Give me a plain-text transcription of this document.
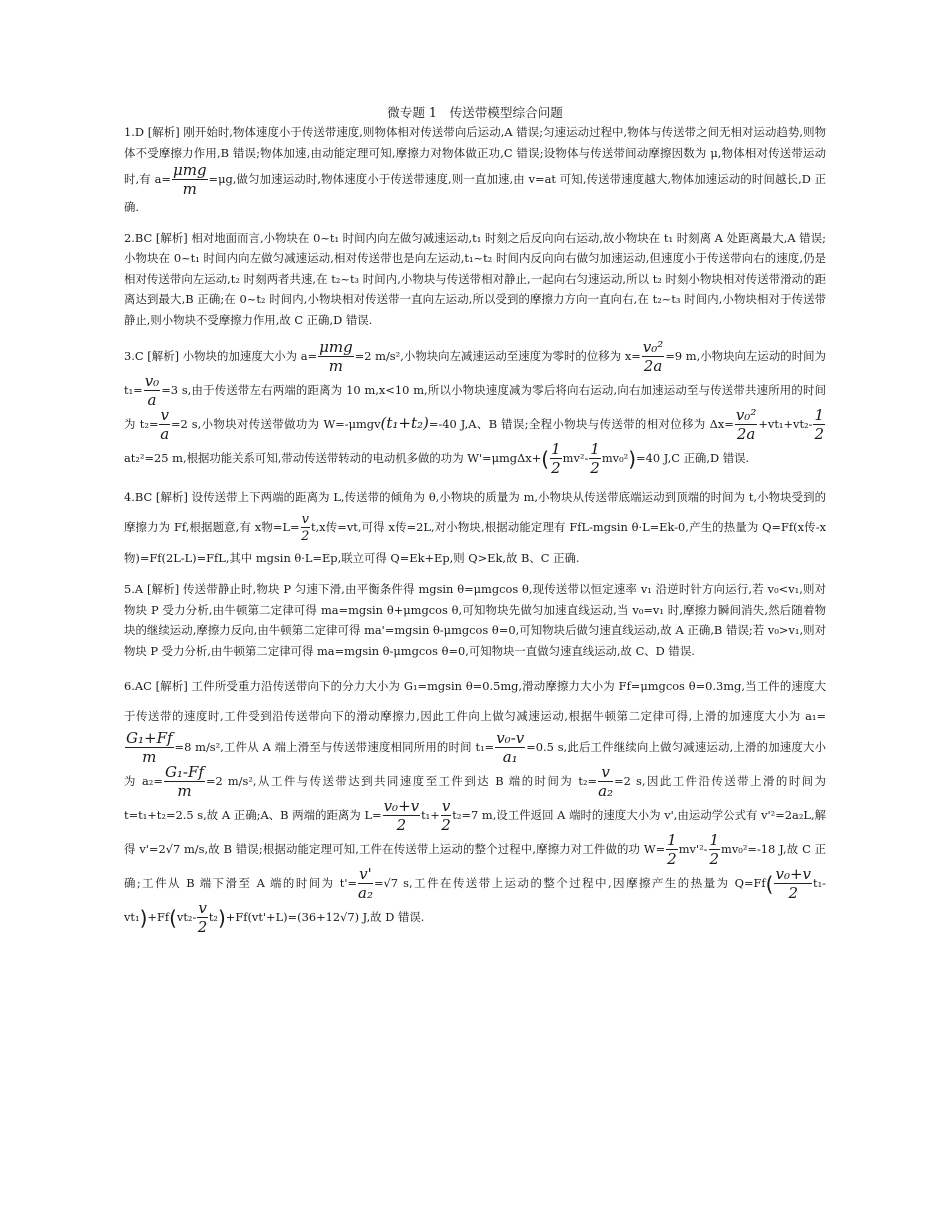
微专题 1　传送带模型综合问题
1.D [解析] 刚开始时,物体速度小于传送带速度,则物体相对传送带向后运动,A 错误;匀速运动过程中,物体与传送带之间无相对运动趋势,则物体不受摩擦力作用,B 错误;物体加速,由动能定理可知,摩擦力对物体做正功,C 错误;设物体与传送带间动摩擦因数为 μ,物体相对传送带运动时,有 $a= \frac{\text{μmg}}{m} =\mu g$,做匀加速运动时,物体速度小于传送带速度,则一直加速,由 v=at 可知,传送带速度越大,物体加速运动的时间越长,D 正确.
2.BC [解析] 相对地面而言,小物块在 0~t₁ 时间内向左做匀减速运动,t₁ 时刻之后反向向右运动,故小物块在 t₁ 时刻离 A 处距离最大,A 错误;小物块在 0~t₁ 时间内向左做匀减速运动,相对传送带也是向左运动,t₁~t₂ 时间内反向向右做匀加速运动,但速度小于传送带向右的速度,仍是相对传送带向左运动,t₂ 时刻两者共速,在 t₂~t₃ 时间内,小物块与传送带相对静止,一起向右匀速运动,所以 t₂ 时刻小物块相对传送带滑动的距离达到最大,B 正确;在 0~t₂ 时间内,小物块相对传送带一直向左运动,所以受到的摩擦力方向一直向右,在 t₂~t₃ 时间内,小物块相对于传送带静止,则小物块不受摩擦力作用,故 C 正确,D 错误.
3.C [解析] 小物块的加速度大小为 $a= \frac{\text{μmg}}{m} =2$ m/s²,小物块向左减速运动至速度为零时的位移为 $x= \frac{\text{v₀²}}{2a} =9$ m,小物块向左运动的时间为 $t_1= \frac{\text{v₀}}{a} =3$ s,由于传送带左右两端的距离为 10 m,x<10 m,所以小物块速度减为零后将向右运动,向右加速运动至与传送带共速所用的时间为 $t_2= \frac{v}{a} =2$ s,小物块对传送带做功为 W=-μmgv(t₁+t₂)=-40 J,A、B 错误;全程小物块与传送带的相对位移为 $\Delta x= \frac{\text{v₀²}}{2a} +vt_1+vt_2- \frac{1}{2}$
at₂²=25 m,根据功能关系可知,带动传送带转动的电动机多做的功为 $W'=\mu mg\Delta x+( \frac{1}{2} mv^2- \frac{1}{2} mv_0^2)=40$ J,C 正确,D 错误.
4.BC [解析] 设传送带上下两端的距离为 L,传送带的倾角为 θ,小物块的质量为 m,小物块从传送带底端运动到顶端的时间为 t,小物块受到的摩擦力为 Ff,根据题意,有 x物$=L= \frac{v}{2} t,x$传=vt,可得 x传=2L,对小物块,根据动能定理有 FfL-mgsin θ·L=Ek-0,产生的热量为 Q=Ff(x传-x物)=Ff(2L-L)=FfL,其中 mgsin θ·L=Ep,联立可得 Q=Ek+Ep,则 Q>Ek,故 B、C 正确.
5.A [解析] 传送带静止时,物块 P 匀速下滑,由平衡条件得 mgsin θ=μmgcos θ,现传送带以恒定速率 v₁ 沿逆时针方向运行,若 v₀<v₁,则对物块 P 受力分析,由牛顿第二定律可得 ma=mgsin θ+μmgcos θ,可知物块先做匀加速直线运动,当 v₀=v₁ 时,摩擦力瞬间消失,然后随着物块的继续运动,摩擦力反向,由牛顿第二定律可得 ma'=mgsin θ-μmgcos θ=0,可知物块后做匀速直线运动,故 A 正确,B 错误;若 v₀>v₁,则对物块 P 受力分析,由牛顿第二定律可得 ma=mgsin θ-μmgcos θ=0,可知物块一直做匀速直线运动,故 C、D 错误.
6.AC [解析] 工件所受重力沿传送带向下的分力大小为 G₁=mgsin θ=0.5mg,滑动摩擦力大小为 Ff=μmgcos θ=0.3mg,当工件的速度大于传送带的速度时,工件受到沿传送带向下的滑动摩擦力,因此工件向上做匀减速运动,根据牛顿第二定律可得,上滑的加速度大小为 a₁=
$\frac{\text{G₁+Ff}}{m} =8$ m/s²,工件从 A 端上滑至与传送带速度相同所用的时间 $t_1= \frac{\text{v₀-v}}{\text{a₁}} =0.5$ s,此后工件继续向上做匀减速运动,上滑的加速度大小为 $a_2= \frac{\text{G₁-Ff}}{m} =2$ m/s²,从工件与传送带达到共同速度至工件到达 B 端的时间为 $t_2= \frac{v}{\text{a₂}} =2$ s,因此工件沿传送带上滑的时间为 t=t₁+t₂=2.5 s,故 A 正确;A、B 两端的距离为 $L= \frac{\text{v₀+v}}{2} t_1+ \frac{v}{2} t_2=7$ m,设工件返回 A 端时的速度大小为 v',由运动学公式有 v'²=2a₂L,解得 v'=2√7 m/s,故 B 错误;根据动能定理可知,工件在传送带上运动的整个过程中,摩擦力对工件做的功 $W= \frac{1}{2} mv'^2- \frac{1}{2} mv_0^2=-18$ J,故 C 正确;工件从 B 端下滑至 A 端的时间为 $t'= \frac{v'}{\text{a₂}} =√7$ s,工件在传送带上运动的整个过程中,因摩擦产生的热量为 $Q=Ff( \frac{\text{v₀+v}}{2} t_1-vt_1)+Ff(vt_2- \frac{v}{2} t_2)+Ff(vt'+L)=(36+12√7)$ J,故 D 错误.
